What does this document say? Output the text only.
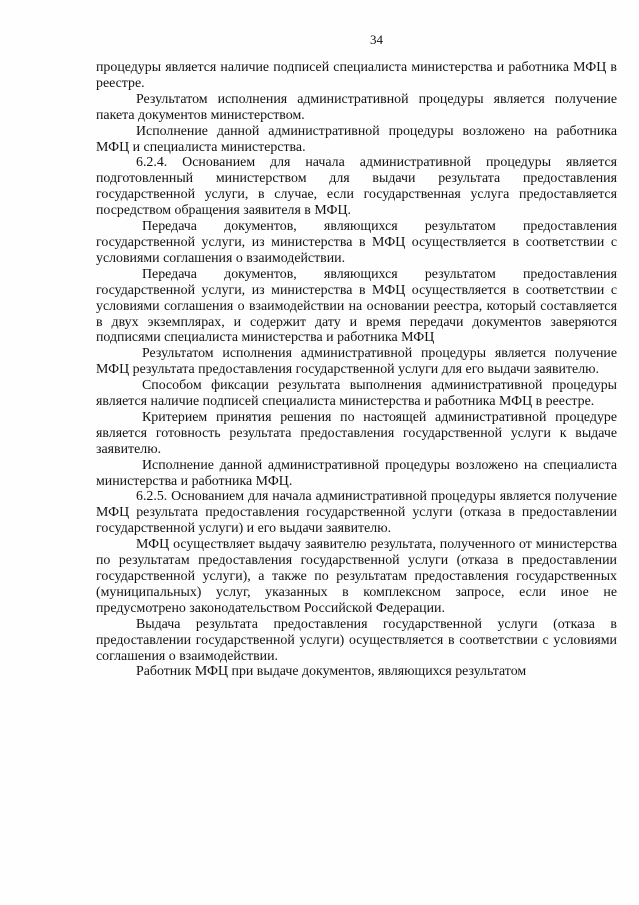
34

процедуры является наличие подписей специалиста министерства и работника МФЦ в реестре.

Результатом исполнения административной процедуры является получение пакета документов министерством.

Исполнение данной административной процедуры возложено на работника МФЦ и специалиста министерства.

6.2.4. Основанием для начала административной процедуры является подготовленный министерством для выдачи результата предоставления государственной услуги, в случае, если государственная услуга предоставляется посредством обращения заявителя в МФЦ.

Передача документов, являющихся результатом предоставления государственной услуги, из министерства в МФЦ осуществляется в соответствии с условиями соглашения о взаимодействии.

Передача документов, являющихся результатом предоставления государственной услуги, из министерства в МФЦ осуществляется в соответствии с условиями соглашения о взаимодействии на основании реестра, который составляется в двух экземплярах, и содержит дату и время передачи документов заверяются подписями специалиста министерства и работника МФЦ

Результатом исполнения административной процедуры является получение МФЦ результата предоставления государственной услуги для его выдачи заявителю.

Способом фиксации результата выполнения административной процедуры является наличие подписей специалиста министерства и работника МФЦ в реестре.

Критерием принятия решения по настоящей административной процедуре является готовность результата предоставления государственной услуги к выдаче заявителю.

Исполнение данной административной процедуры возложено на специалиста министерства и работника МФЦ.

6.2.5. Основанием для начала административной процедуры является получение МФЦ результата предоставления государственной услуги (отказа в предоставлении государственной услуги) и его выдачи заявителю.

МФЦ осуществляет выдачу заявителю результата, полученного от министерства по результатам предоставления государственной услуги (отказа в предоставлении государственной услуги), а также по результатам предоставления государственных (муниципальных) услуг, указанных в комплексном запросе, если иное не предусмотрено законодательством Российской Федерации.

Выдача результата предоставления государственной услуги (отказа в предоставлении государственной услуги) осуществляется в соответствии с условиями соглашения о взаимодействии.

Работник МФЦ при выдаче документов, являющихся результатом
